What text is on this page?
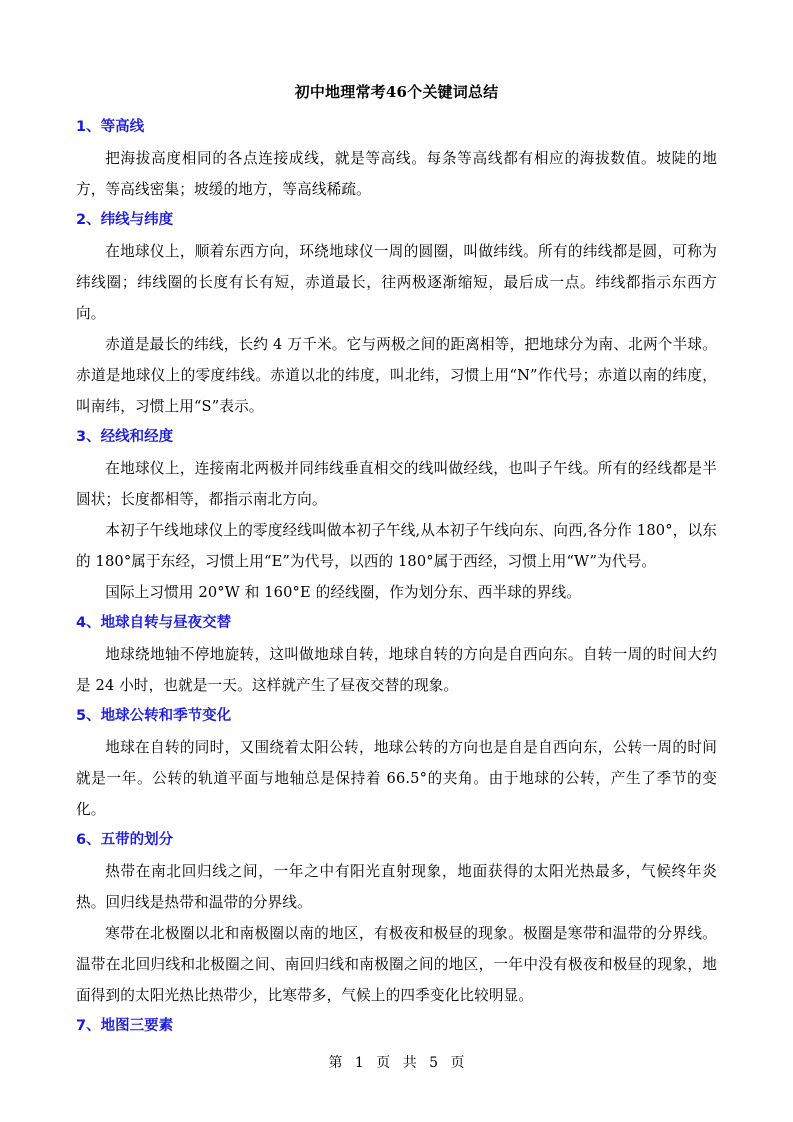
初中地理常考46个关键词总结

1、等高线

把海拔高度相同的各点连接成线，就是等高线。每条等高线都有相应的海拔数值。坡陡的地方，等高线密集；坡缓的地方，等高线稀疏。

2、纬线与纬度

在地球仪上，顺着东西方向，环绕地球仪一周的圆圈，叫做纬线。所有的纬线都是圆，可称为纬线圈；纬线圈的长度有长有短，赤道最长，往两极逐渐缩短，最后成一点。纬线都指示东西方向。

赤道是最长的纬线，长约 4 万千米。它与两极之间的距离相等，把地球分为南、北两个半球。赤道是地球仪上的零度纬线。赤道以北的纬度，叫北纬，习惯上用“N”作代号；赤道以南的纬度，叫南纬，习惯上用“S”表示。

3、经线和经度

在地球仪上，连接南北两极并同纬线垂直相交的线叫做经线，也叫子午线。所有的经线都是半圆状；长度都相等，都指示南北方向。

本初子午线地球仪上的零度经线叫做本初子午线,从本初子午线向东、向西,各分作 180°，以东的 180°属于东经，习惯上用“E”为代号，以西的 180°属于西经，习惯上用“W”为代号。

国际上习惯用 20°W 和 160°E 的经线圈，作为划分东、西半球的界线。

4、地球自转与昼夜交替

地球绕地轴不停地旋转，这叫做地球自转，地球自转的方向是自西向东。自转一周的时间大约是 24 小时，也就是一天。这样就产生了昼夜交替的现象。

5、地球公转和季节变化

地球在自转的同时，又围绕着太阳公转，地球公转的方向也是自是自西向东，公转一周的时间就是一年。公转的轨道平面与地轴总是保持着 66.5°的夹角。由于地球的公转，产生了季节的变化。

6、五带的划分

热带在南北回归线之间，一年之中有阳光直射现象，地面获得的太阳光热最多，气候终年炎热。回归线是热带和温带的分界线。

寒带在北极圈以北和南极圈以南的地区，有极夜和极昼的现象。极圈是寒带和温带的分界线。温带在北回归线和北极圈之间、南回归线和南极圈之间的地区，一年中没有极夜和极昼的现象，地面得到的太阳光热比热带少，比寒带多，气候上的四季变化比较明显。

7、地图三要素

第 1 页 共 5 页
